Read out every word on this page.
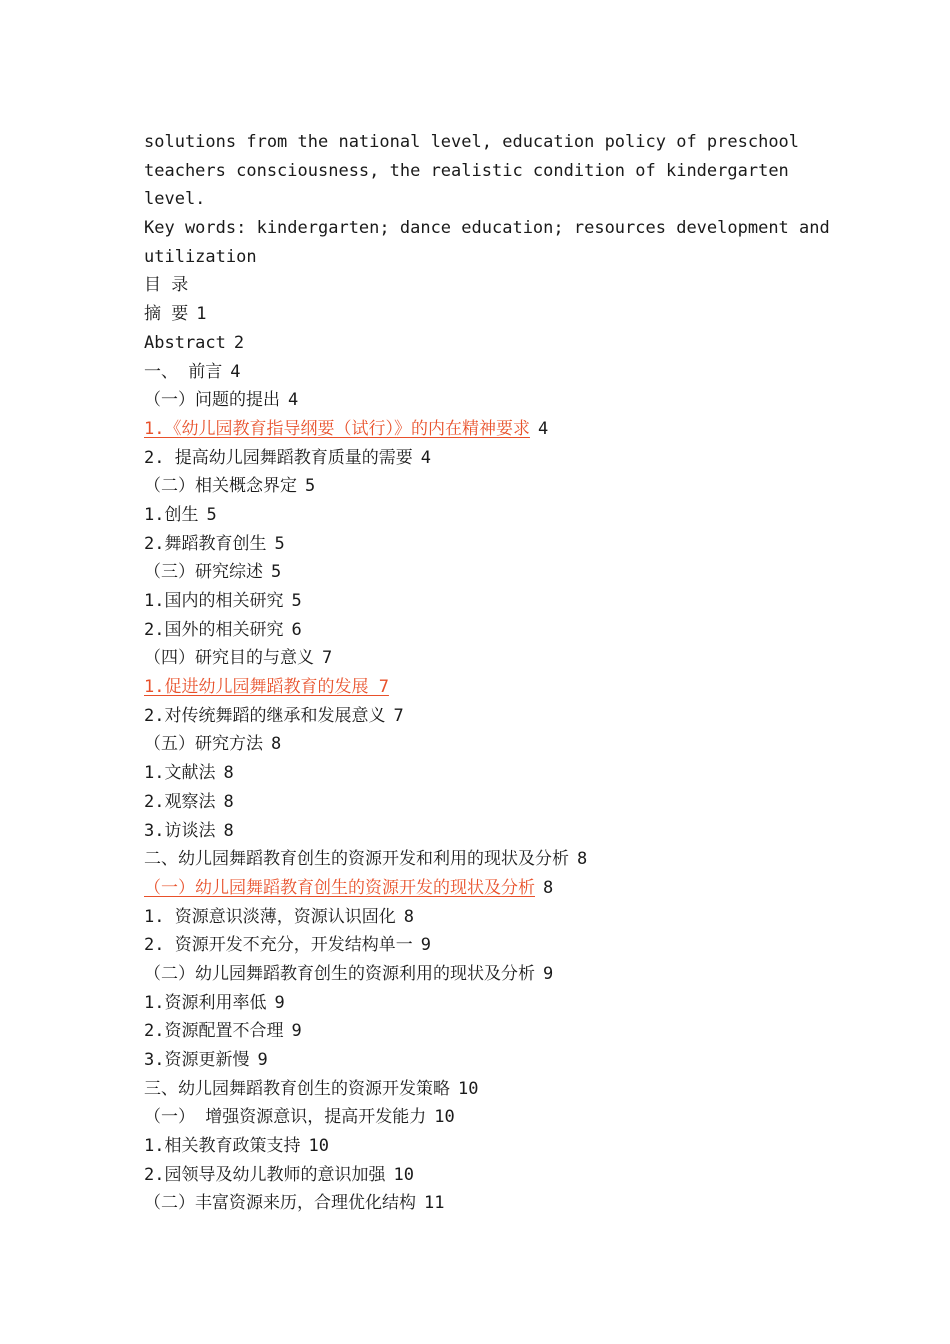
solutions from the national level, education policy of preschool
teachers consciousness, the realistic condition of kindergarten
level.
Key words: kindergarten; dance education; resources development and
utilization
目 录
摘 要 1
Abstract 2
一、 前言 4
（一）问题的提出 4
1.《幼儿园教育指导纲要（试行）》的内在精神要求 4
2. 提高幼儿园舞蹈教育质量的需要 4
（二）相关概念界定 5
1.创生 5
2.舞蹈教育创生 5
（三）研究综述 5
1.国内的相关研究 5
2.国外的相关研究 6
（四）研究目的与意义 7
1.促进幼儿园舞蹈教育的发展 7
2.对传统舞蹈的继承和发展意义 7
（五）研究方法 8
1.文献法 8
2.观察法 8
3.访谈法 8
二、幼儿园舞蹈教育创生的资源开发和利用的现状及分析 8
（一）幼儿园舞蹈教育创生的资源开发的现状及分析 8
1. 资源意识淡薄，资源认识固化 8
2. 资源开发不充分，开发结构单一 9
（二）幼儿园舞蹈教育创生的资源利用的现状及分析 9
1.资源利用率低 9
2.资源配置不合理 9
3.资源更新慢 9
三、幼儿园舞蹈教育创生的资源开发策略 10
（一） 增强资源意识，提高开发能力 10
1.相关教育政策支持 10
2.园领导及幼儿教师的意识加强 10
（二）丰富资源来历，合理优化结构 11
